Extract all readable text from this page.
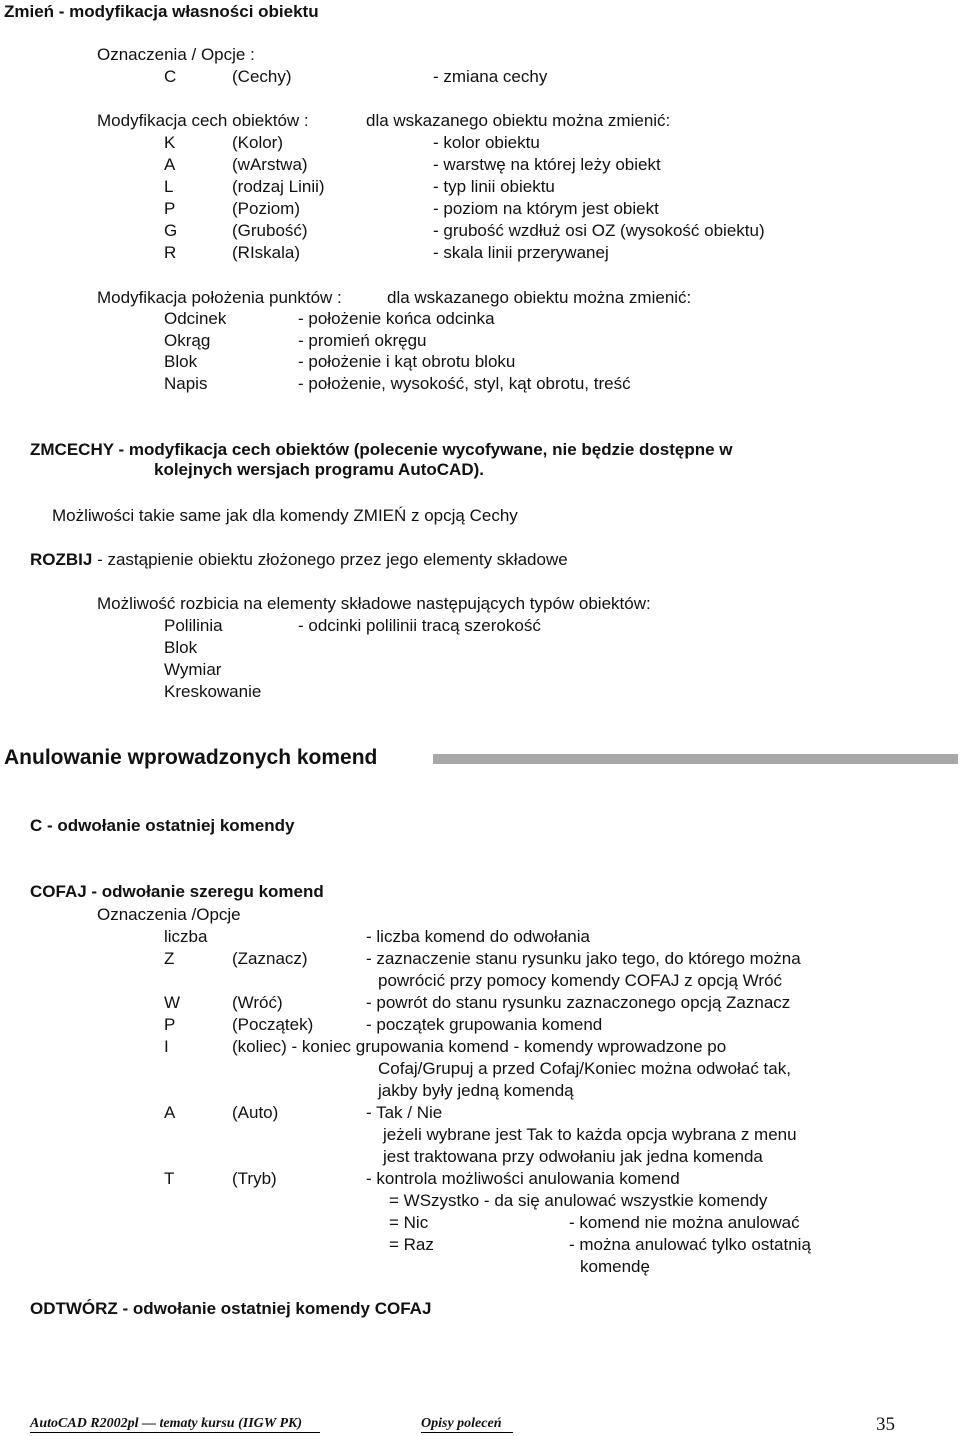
Zmień - modyfikacja własności obiektu
Oznaczenia / Opcje :
C	(Cechy)	- zmiana cechy
Modyfikacja cech obiektów :	dla wskazanego obiektu można zmienić:
K	(Kolor)	- kolor obiektu
A	(wArstwa)	- warstwę na której leży obiekt
L	(rodzaj Linii)	- typ linii obiektu
P	(Poziom)	- poziom na którym jest obiekt
G	(Grubość)	- grubość wzdłuż osi OZ (wysokość obiektu)
R	(RIskala)	- skala linii przerywanej
Modyfikacja położenia punktów :	dla wskazanego obiektu można zmienić:
Odcinek	- położenie końca odcinka
Okrąg	- promień okręgu
Blok	- położenie i kąt obrotu bloku
Napis	- położenie, wysokość, styl, kąt obrotu, treść
ZMCECHY - modyfikacja cech obiektów (polecenie wycofywane, nie będzie dostępne w
kolejnych wersjach programu AutoCAD).
Możliwości takie same jak dla komendy ZMIEŃ z opcją Cechy
ROZBIJ - zastąpienie obiektu złożonego przez jego elementy składowe
Możliwość rozbicia na elementy składowe następujących typów obiektów:
Polilinia	- odcinki polilinii tracą szerokość
Blok
Wymiar
Kreskowanie
Anulowanie wprowadzonych komend
C - odwołanie ostatniej komendy
COFAJ - odwołanie szeregu komend
Oznaczenia /Opcje
liczba	- liczba komend do odwołania
Z	(Zaznacz)	- zaznaczenie stanu rysunku jako tego, do którego można
powrócić przy pomocy komendy COFAJ z opcją Wróć
W	(Wróć)	- powrót do stanu rysunku zaznaczonego opcją Zaznacz
P	(Początek)	- początek grupowania komend
I	(koliec) - koniec grupowania komend - komendy wprowadzone po
Cofaj/Grupuj a przed Cofaj/Koniec można odwołać tak,
jakby były jedną komendą
A	(Auto)	- Tak / Nie
jeżeli wybrane jest Tak to każda opcja wybrana z menu
jest traktowana przy odwołaniu jak jedna komenda
T	(Tryb)	- kontrola możliwości anulowania komend
= WSzystko - da się anulować wszystkie komendy
= Nic	- komend nie można anulować
= Raz	- można anulować tylko ostatnią
komendę
ODTWÓRZ - odwołanie ostatniej komendy COFAJ
AutoCAD R2002pl — tematy kursu (IIGW PK)	Opisy poleceń	35
